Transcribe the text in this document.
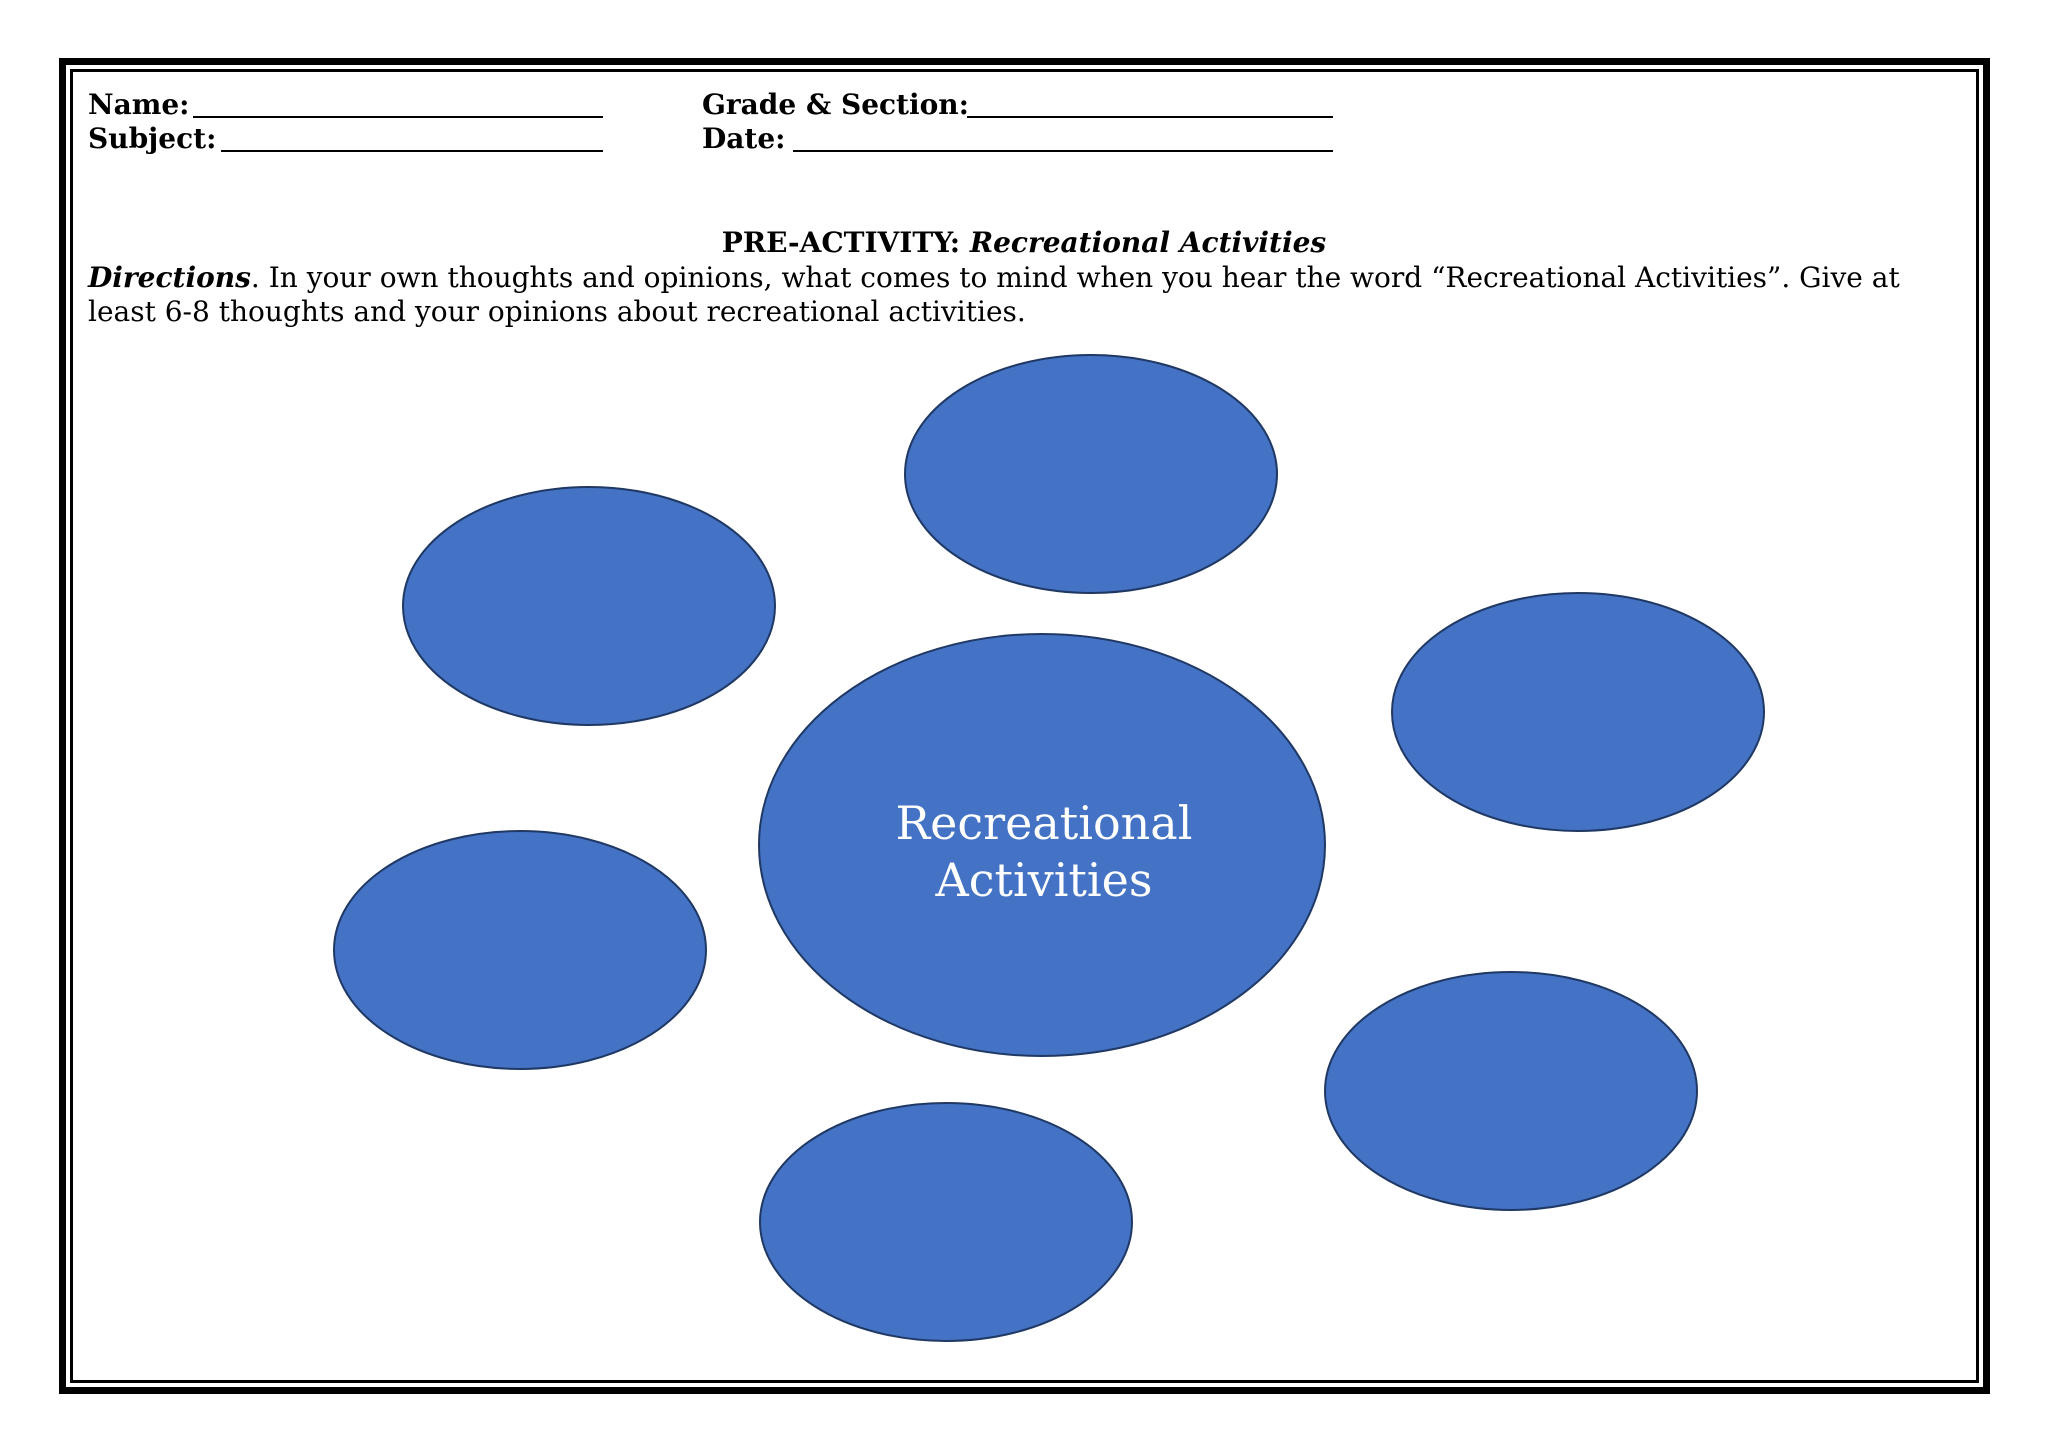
Name:
Subject:
Grade & Section:
Date:
PRE-ACTIVITY: Recreational Activities
Directions. In your own thoughts and opinions, what comes to mind when you hear the word “Recreational Activities”. Give at least 6-8 thoughts and your opinions about recreational activities.
Recreational
Activities
